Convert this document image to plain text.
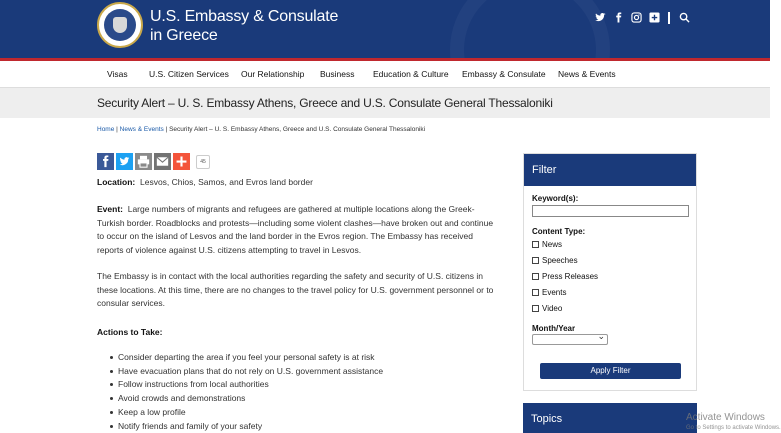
U.S. Embassy & Consulate
in Greece
Visas	U.S. Citizen Services Our Relationship Business Education & Culture Embassy & Consulate News & Events
Security Alert – U. S. Embassy Athens, Greece and U.S. Consulate General Thessaloniki
Home | News & Events | Security Alert – U. S. Embassy Athens, Greece and U.S. Consulate General Thessaloniki
45
Location: Lesvos, Chios, Samos, and Evros land border
Event: Large numbers of migrants and refugees are gathered at multiple locations along the Greek-Turkish border. Roadblocks and protests—including some violent clashes—have broken out and continue to occur on the island of Lesvos and the land border in the Evros region. The Embassy has received reports of violence against U.S. citizens attempting to travel in Lesvos.
The Embassy is in contact with the local authorities regarding the safety and security of U.S. citizens in these locations. At this time, there are no changes to the travel policy for U.S. government personnel or to consular services.
Actions to Take:
Consider departing the area if you feel your personal safety is at risk
Have evacuation plans that do not rely on U.S. government assistance
Follow instructions from local authorities
Avoid crowds and demonstrations
Keep a low profile
Notify friends and family of your safety
Filter
Keyword(s):
Content Type:
News
Speeches
Press Releases
Events
Video
Month/Year
⌄
Apply Filter
Topics	Activate Windows
Go to Settings to activate Windows.
